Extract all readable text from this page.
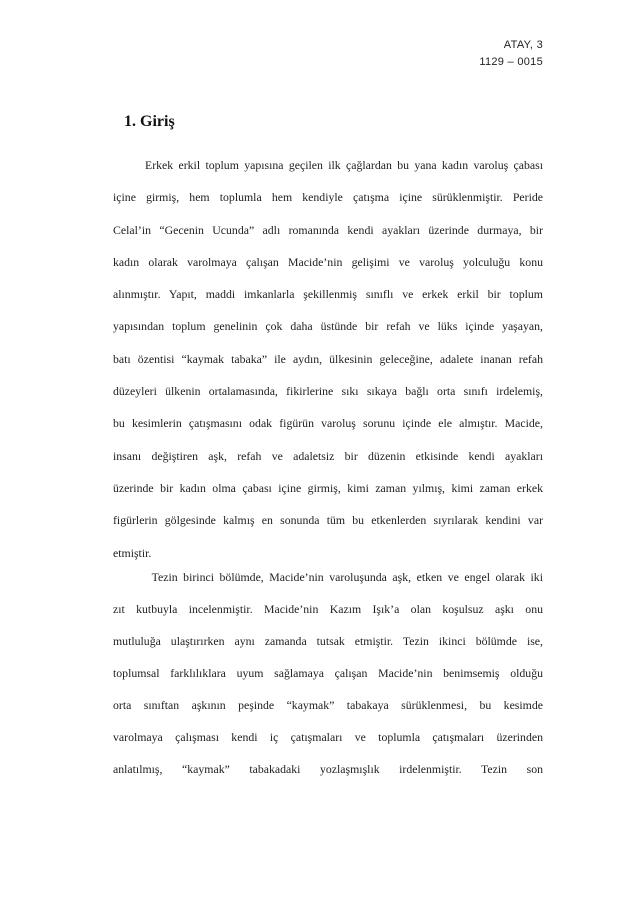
ATAY, 3
1129 – 0015
1. Giriş
Erkek erkil toplum yapısına geçilen ilk çağlardan bu yana kadın varoluş çabası
içine girmiş, hem toplumla hem kendiyle çatışma içine sürüklenmiştir. Peride
Celal’in “Gecenin Ucunda” adlı romanında kendi ayakları üzerinde durmaya, bir
kadın olarak varolmaya çalışan Macide’nin gelişimi ve varoluş yolculuğu konu
alınmıştır. Yapıt, maddi imkanlarla şekillenmiş sınıflı ve erkek erkil bir toplum
yapısından toplum genelinin çok daha üstünde bir refah ve lüks içinde yaşayan,
batı özentisi “kaymak tabaka” ile aydın, ülkesinin geleceğine, adalete inanan refah
düzeyleri ülkenin ortalamasında, fikirlerine sıkı sıkaya bağlı orta sınıfı irdelemiş,
bu kesimlerin çatışmasını odak figürün varoluş sorunu içinde ele almıştır. Macide,
insanı değiştiren aşk, refah ve adaletsiz bir düzenin etkisinde kendi ayakları
üzerinde bir kadın olma çabası içine girmiş, kimi zaman yılmış, kimi zaman erkek
figürlerin gölgesinde kalmış en sonunda tüm bu etkenlerden sıyrılarak kendini var
etmiştir.
Tezin birinci bölümde, Macide’nin varoluşunda aşk, etken ve engel olarak iki
zıt kutbuyla incelenmiştir. Macide’nin Kazım Işık’a olan koşulsuz aşkı onu
mutluluğa ulaştırırken aynı zamanda tutsak etmiştir. Tezin ikinci bölümde ise,
toplumsal farklılıklara uyum sağlamaya çalışan Macide’nin benimsemiş olduğu
orta sınıftan aşkının peşinde “kaymak” tabakaya sürüklenmesi, bu kesimde
varolmaya çalışması kendi iç çatışmaları ve toplumla çatışmaları üzerinden
anlatılmış, “kaymak” tabakadaki yozlaşmışlık irdelenmiştir. Tezin son
